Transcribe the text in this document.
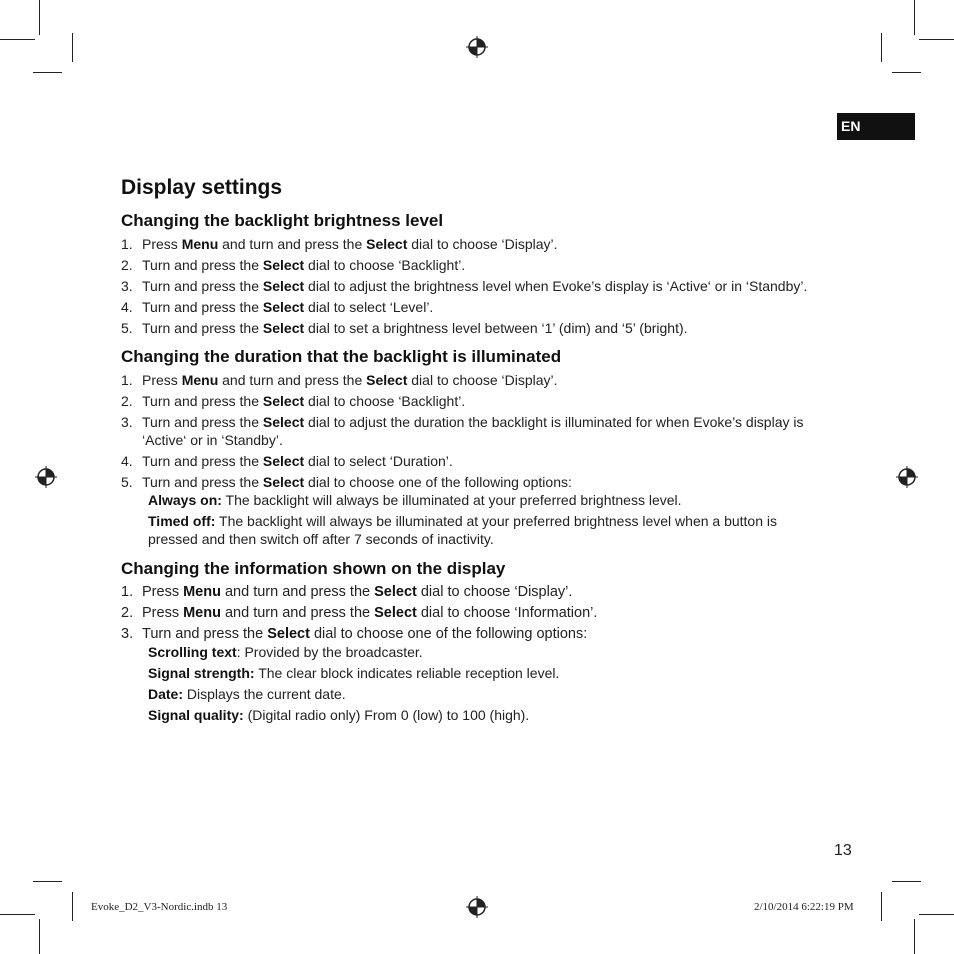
EN
Display settings
Changing the backlight brightness level
1. Press Menu and turn and press the Select dial to choose ‘Display’.
2. Turn and press the Select dial to choose ‘Backlight’.
3. Turn and press the Select dial to adjust the brightness level when Evoke’s display is ‘Active‘ or in ‘Standby’.
4. Turn and press the Select dial to select ‘Level’.
5. Turn and press the Select dial to set a brightness level between ‘1’ (dim) and ‘5’ (bright).
Changing the duration that the backlight is illuminated
1. Press Menu and turn and press the Select dial to choose ‘Display’.
2. Turn and press the Select dial to choose ‘Backlight’.
3. Turn and press the Select dial to adjust the duration the backlight is illuminated for when Evoke’s display is ‘Active‘ or in ‘Standby’.
4. Turn and press the Select dial to select ‘Duration’.
5. Turn and press the Select dial to choose one of the following options:
Always on: The backlight will always be illuminated at your preferred brightness level.
Timed off: The backlight will always be illuminated at your preferred brightness level when a button is pressed and then switch off after 7 seconds of inactivity.
Changing the information shown on the display
1. Press Menu and turn and press the Select dial to choose ‘Display’.
2. Press Menu and turn and press the Select dial to choose ‘Information’.
3. Turn and press the Select dial to choose one of the following options:
Scrolling text: Provided by the broadcaster.
Signal strength: The clear block indicates reliable reception level.
Date: Displays the current date.
Signal quality: (Digital radio only) From 0 (low) to 100 (high).
13
Evoke_D2_V3-Nordic.indb 13	2/10/2014 6:22:19 PM
